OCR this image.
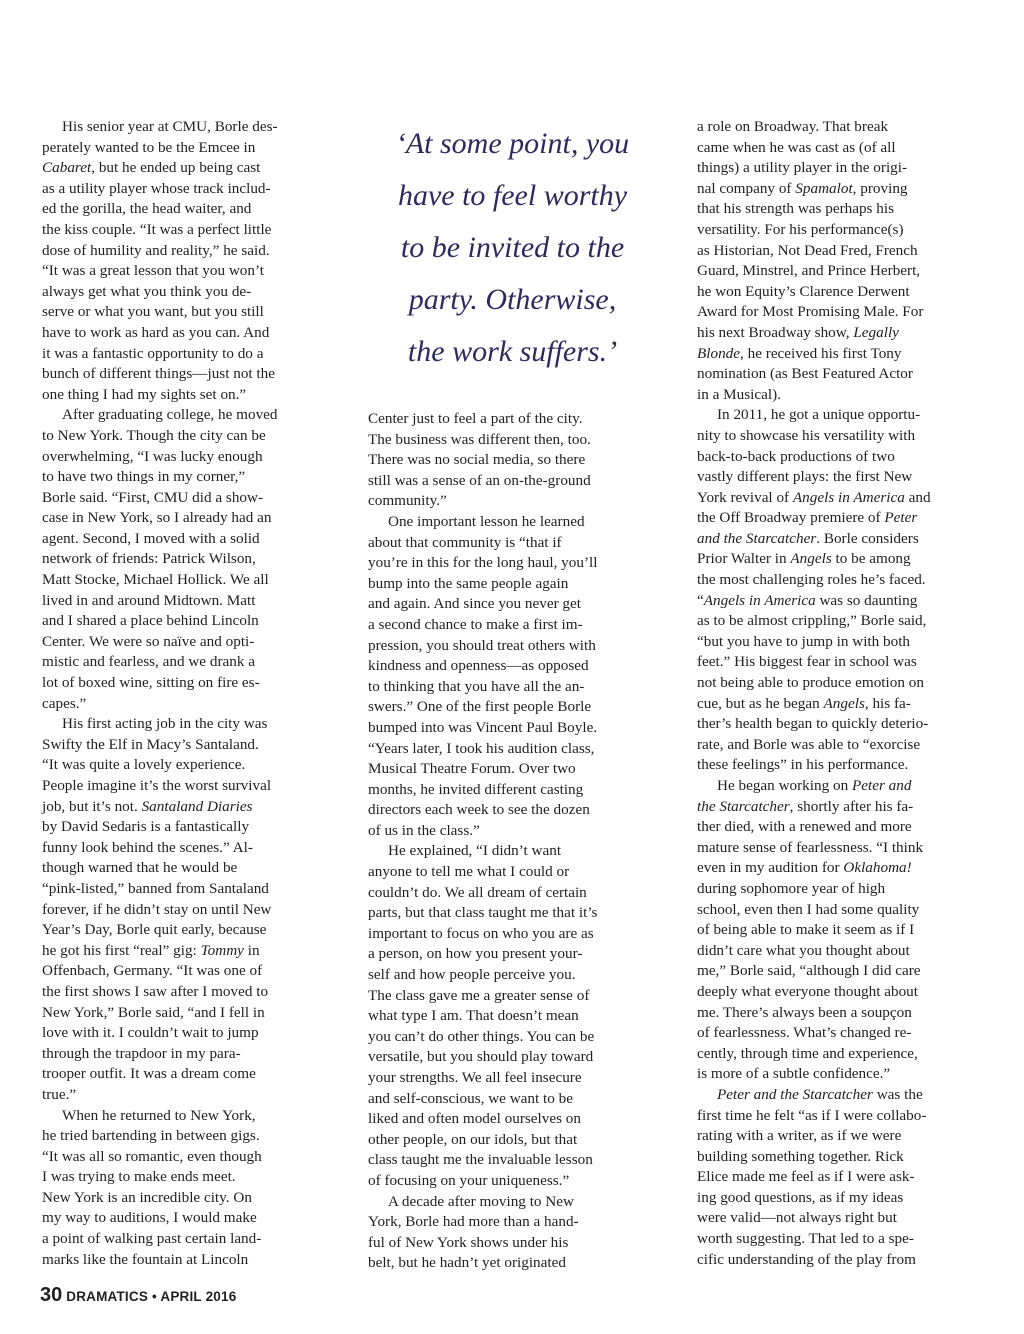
His senior year at CMU, Borle des-
perately wanted to be the Emcee in
Cabaret, but he ended up being cast
as a utility player whose track includ-
ed the gorilla, the head waiter, and
the kiss couple. “It was a perfect little
dose of humility and reality,” he said.
“It was a great lesson that you won’t
always get what you think you de-
serve or what you want, but you still
have to work as hard as you can. And
it was a fantastic opportunity to do a
bunch of different things—just not the
one thing I had my sights set on.”

After graduating college, he moved
to New York. Though the city can be
overwhelming, “I was lucky enough
to have two things in my corner,”
Borle said. “First, CMU did a show-
case in New York, so I already had an
agent. Second, I moved with a solid
network of friends: Patrick Wilson,
Matt Stocke, Michael Hollick. We all
lived in and around Midtown. Matt
and I shared a place behind Lincoln
Center. We were so naïve and opti-
mistic and fearless, and we drank a
lot of boxed wine, sitting on fire es-
capes.”

His first acting job in the city was
Swifty the Elf in Macy’s Santaland.
“It was quite a lovely experience.
People imagine it’s the worst survival
job, but it’s not. Santaland Diaries
by David Sedaris is a fantastically
funny look behind the scenes.” Al-
though warned that he would be
“pink-listed,” banned from Santaland
forever, if he didn’t stay on until New
Year’s Day, Borle quit early, because
he got his first “real” gig: Tommy in
Offenbach, Germany. “It was one of
the first shows I saw after I moved to
New York,” Borle said, “and I fell in
love with it. I couldn’t wait to jump
through the trapdoor in my para-
trooper outfit. It was a dream come
true.”

When he returned to New York,
he tried bartending in between gigs.
“It was all so romantic, even though
I was trying to make ends meet.
New York is an incredible city. On
my way to auditions, I would make
a point of walking past certain land-
marks like the fountain at Lincoln

‘At some point, you
have to feel worthy
to be invited to the
party. Otherwise,
the work suffers.’

Center just to feel a part of the city.
The business was different then, too.
There was no social media, so there
still was a sense of an on-the-ground
community.”

One important lesson he learned
about that community is “that if
you’re in this for the long haul, you’ll
bump into the same people again
and again. And since you never get
a second chance to make a first im-
pression, you should treat others with
kindness and openness—as opposed
to thinking that you have all the an-
swers.” One of the first people Borle
bumped into was Vincent Paul Boyle.
“Years later, I took his audition class,
Musical Theatre Forum. Over two
months, he invited different casting
directors each week to see the dozen
of us in the class.”

He explained, “I didn’t want
anyone to tell me what I could or
couldn’t do. We all dream of certain
parts, but that class taught me that it’s
important to focus on who you are as
a person, on how you present your-
self and how people perceive you.
The class gave me a greater sense of
what type I am. That doesn’t mean
you can’t do other things. You can be
versatile, but you should play toward
your strengths. We all feel insecure
and self-conscious, we want to be
liked and often model ourselves on
other people, on our idols, but that
class taught me the invaluable lesson
of focusing on your uniqueness.”

A decade after moving to New
York, Borle had more than a hand-
ful of New York shows under his
belt, but he hadn’t yet originated

a role on Broadway. That break
came when he was cast as (of all
things) a utility player in the origi-
nal company of Spamalot, proving
that his strength was perhaps his
versatility. For his performance(s)
as Historian, Not Dead Fred, French
Guard, Minstrel, and Prince Herbert,
he won Equity’s Clarence Derwent
Award for Most Promising Male. For
his next Broadway show, Legally
Blonde, he received his first Tony
nomination (as Best Featured Actor
in a Musical).

In 2011, he got a unique opportu-
nity to showcase his versatility with
back-to-back productions of two
vastly different plays: the first New
York revival of Angels in America and
the Off Broadway premiere of Peter
and the Starcatcher. Borle considers
Prior Walter in Angels to be among
the most challenging roles he’s faced.
“Angels in America was so daunting
as to be almost crippling,” Borle said,
“but you have to jump in with both
feet.” His biggest fear in school was
not being able to produce emotion on
cue, but as he began Angels, his fa-
ther’s health began to quickly deterio-
rate, and Borle was able to “exorcise
these feelings” in his performance.

He began working on Peter and
the Starcatcher, shortly after his fa-
ther died, with a renewed and more
mature sense of fearlessness. “I think
even in my audition for Oklahoma!
during sophomore year of high
school, even then I had some quality
of being able to make it seem as if I
didn’t care what you thought about
me,” Borle said, “although I did care
deeply what everyone thought about
me. There’s always been a soupçon
of fearlessness. What’s changed re-
cently, through time and experience,
is more of a subtle confidence.”

Peter and the Starcatcher was the
first time he felt “as if I were collabo-
rating with a writer, as if we were
building something together. Rick
Elice made me feel as if I were ask-
ing good questions, as if my ideas
were valid—not always right but
worth suggesting. That led to a spe-
cific understanding of the play from

30 DRAMATICS • APRIL 2016
